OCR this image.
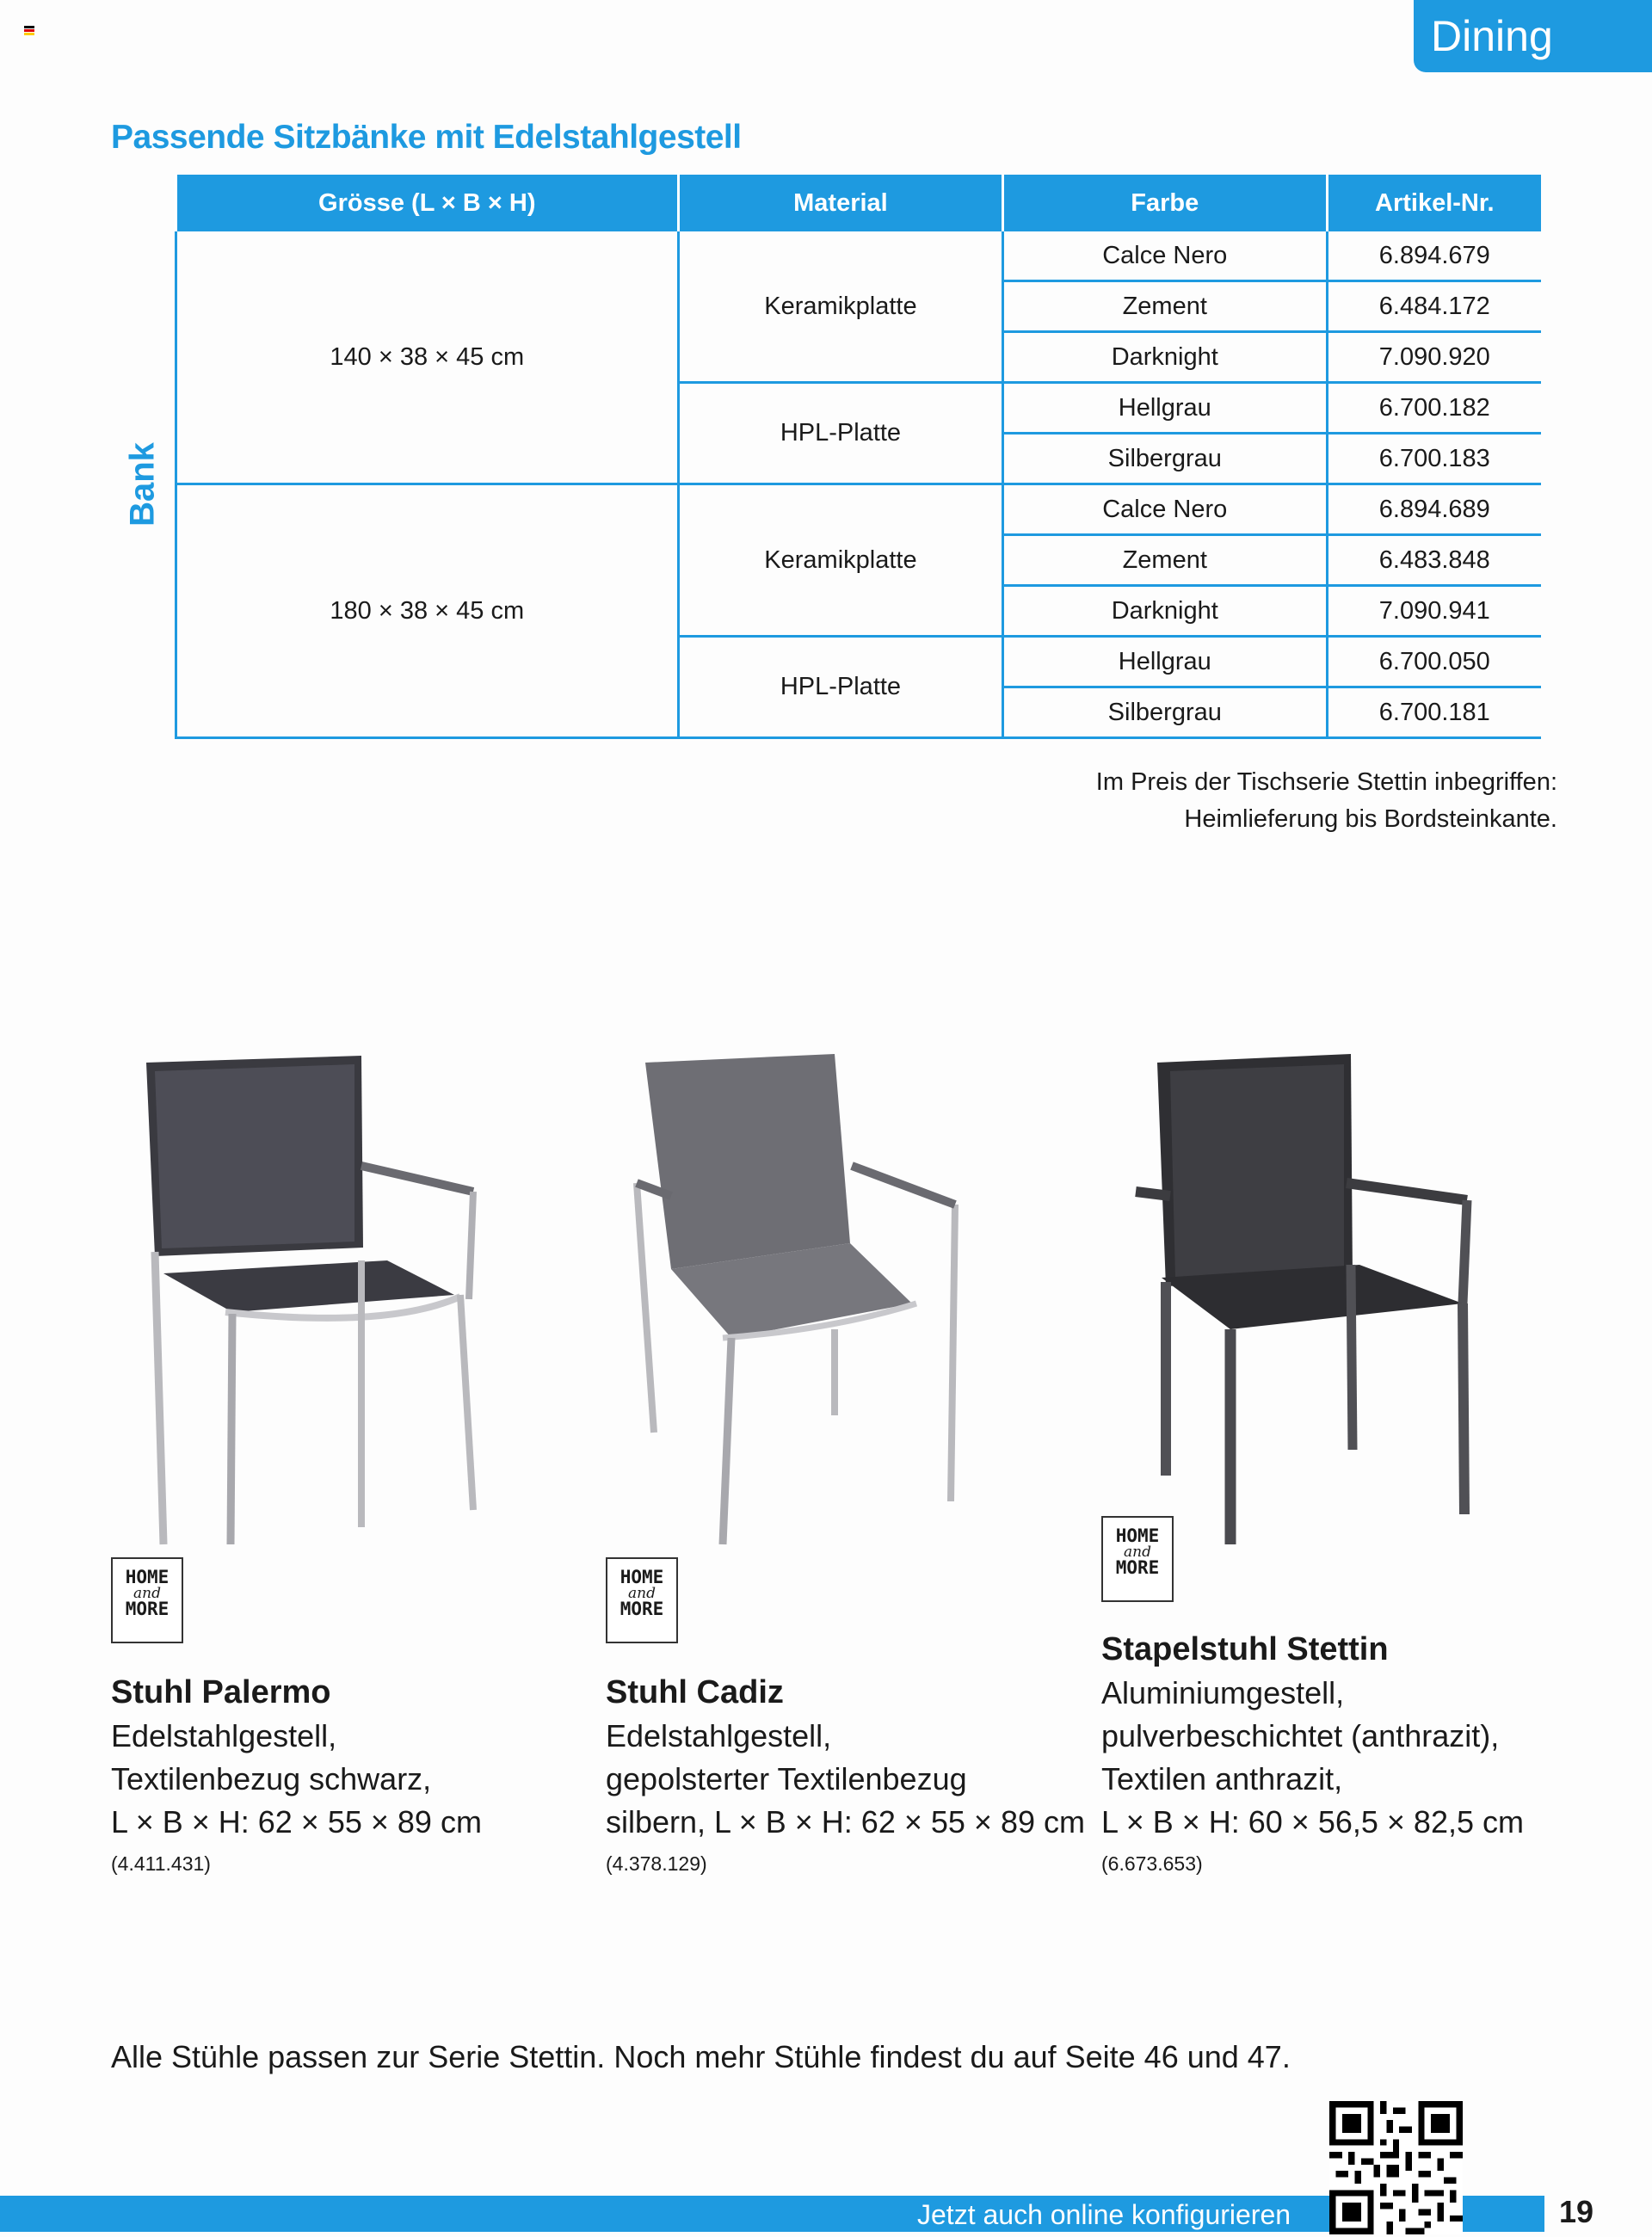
Dining
Passende Sitzbänke mit Edelstahlgestell
	Grösse (L × B × H)	Material	Farbe	Artikel-Nr.

Bank	140 × 38 × 45 cm	Keramikplatte	Calce Nero	6.894.679
			Zement	6.484.172
			Darknight	7.090.920
		HPL-Platte	Hellgrau	6.700.182
			Silbergrau	6.700.183
	180 × 38 × 45 cm	Keramikplatte	Calce Nero	6.894.689
			Zement	6.483.848
			Darknight	7.090.941
		HPL-Platte	Hellgrau	6.700.050
			Silbergrau	6.700.181
Im Preis der Tischserie Stettin inbegriffen:
Heimlieferung bis Bordsteinkante.
HOME
and
MORE
Stuhl Palermo
Edelstahlgestell,
Textilenbezug schwarz,
L × B × H: 62 × 55 × 89 cm
(4.411.431)
HOME
and
MORE
Stuhl Cadiz
Edelstahlgestell,
gepolsterter Textilenbezug
silbern, L × B × H: 62 × 55 × 89 cm
(4.378.129)
HOME
and
MORE
Stapelstuhl Stettin
Aluminiumgestell,
pulverbeschichtet (anthrazit),
Textilen anthrazit,
L × B × H: 60 × 56,5 × 82,5 cm
(6.673.653)
Alle Stühle passen zur Serie Stettin. Noch mehr Stühle findest du auf Seite 46 und 47.
Jetzt auch online konfigurieren	19
